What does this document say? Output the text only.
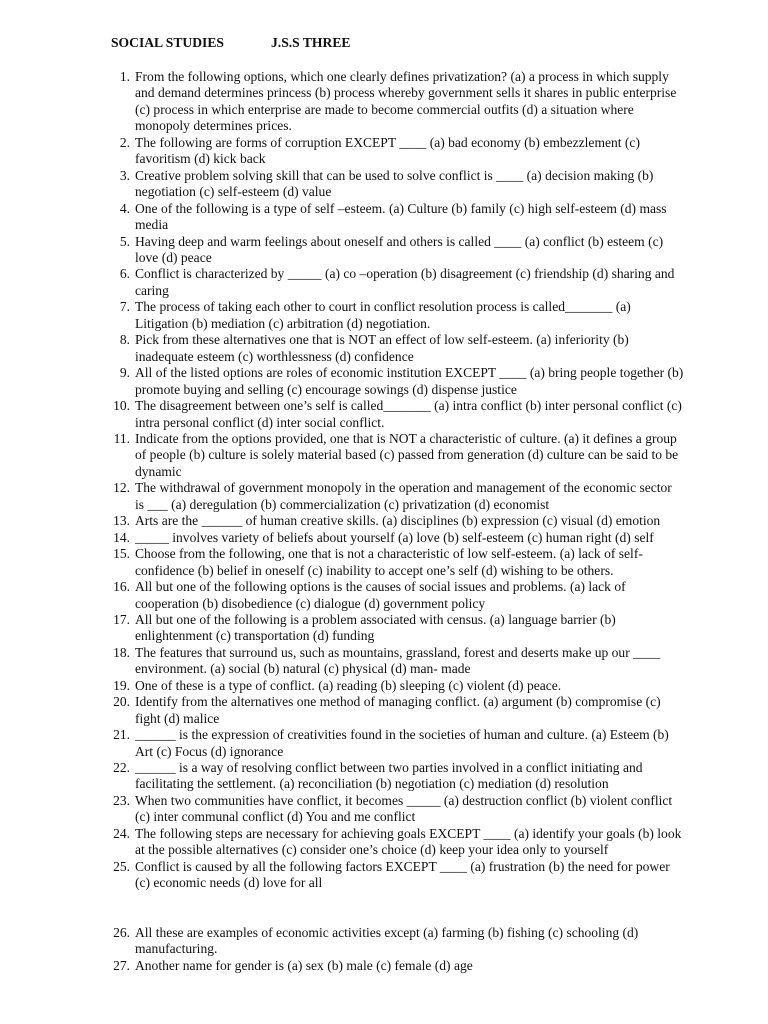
SOCIAL STUDIES	J.S.S THREE
1. From the following options, which one clearly defines privatization? (a) a process in which supply and demand determines princess (b) process whereby government sells it shares in public enterprise (c) process in which enterprise are made to become commercial outfits (d) a situation where monopoly determines prices.
2. The following are forms of corruption EXCEPT ____ (a) bad economy (b) embezzlement (c) favoritism (d) kick back
3. Creative problem solving skill that can be used to solve conflict is ____ (a) decision making (b) negotiation (c) self-esteem (d) value
4. One of the following is a type of self –esteem. (a) Culture (b) family (c) high self-esteem (d) mass media
5. Having deep and warm feelings about oneself and others is called ____ (a) conflict (b) esteem (c) love (d) peace
6. Conflict is characterized by _____ (a) co –operation (b) disagreement (c) friendship (d) sharing and caring
7. The process of taking each other to court in conflict resolution process is called_______ (a) Litigation (b) mediation (c) arbitration (d) negotiation.
8. Pick from these alternatives one that is NOT an effect of low self-esteem. (a) inferiority (b) inadequate esteem (c) worthlessness (d) confidence
9. All of the listed options are roles of economic institution EXCEPT ____ (a) bring people together (b) promote buying and selling (c) encourage sowings (d) dispense justice
10. The disagreement between one’s self is called_______ (a) intra conflict (b) inter personal conflict (c) intra personal conflict (d) inter social conflict.
11. Indicate from the options provided, one that is NOT a characteristic of culture. (a) it defines a group of people (b) culture is solely material based (c) passed from generation (d) culture can be said to be dynamic
12. The withdrawal of government monopoly in the operation and management of the economic sector is ___ (a) deregulation (b) commercialization (c) privatization (d) economist
13. Arts are the ______ of human creative skills. (a) disciplines (b) expression (c) visual (d) emotion
14. _____ involves variety of beliefs about yourself (a) love (b) self-esteem (c) human right (d) self
15. Choose from the following, one that is not a characteristic of low self-esteem. (a) lack of self-confidence (b) belief in oneself (c) inability to accept one’s self (d) wishing to be others.
16. All but one of the following options is the causes of social issues and problems. (a) lack of cooperation (b) disobedience (c) dialogue (d) government policy
17. All but one of the following is a problem associated with census. (a) language barrier (b) enlightenment (c) transportation (d) funding
18. The features that surround us, such as mountains, grassland, forest and deserts make up our ____ environment. (a) social (b) natural (c) physical (d) man- made
19. One of these is a type of conflict. (a) reading (b) sleeping (c) violent (d) peace.
20. Identify from the alternatives one method of managing conflict. (a) argument (b) compromise (c) fight (d) malice
21. ______ is the expression of creativities found in the societies of human and culture. (a) Esteem (b) Art (c) Focus (d) ignorance
22. ______ is a way of resolving conflict between two parties involved in a conflict initiating and facilitating the settlement. (a) reconciliation (b) negotiation (c) mediation (d) resolution
23. When two communities have conflict, it becomes _____ (a) destruction conflict (b) violent conflict (c) inter communal conflict (d) You and me conflict
24. The following steps are necessary for achieving goals EXCEPT ____ (a) identify your goals (b) look at the possible alternatives (c) consider one’s choice (d) keep your idea only to yourself
25. Conflict is caused by all the following factors EXCEPT ____ (a) frustration (b) the need for power (c) economic needs (d) love for all
26. All these are examples of economic activities except (a) farming (b) fishing (c) schooling (d) manufacturing.
27. Another name for gender is (a) sex (b) male (c) female (d) age
